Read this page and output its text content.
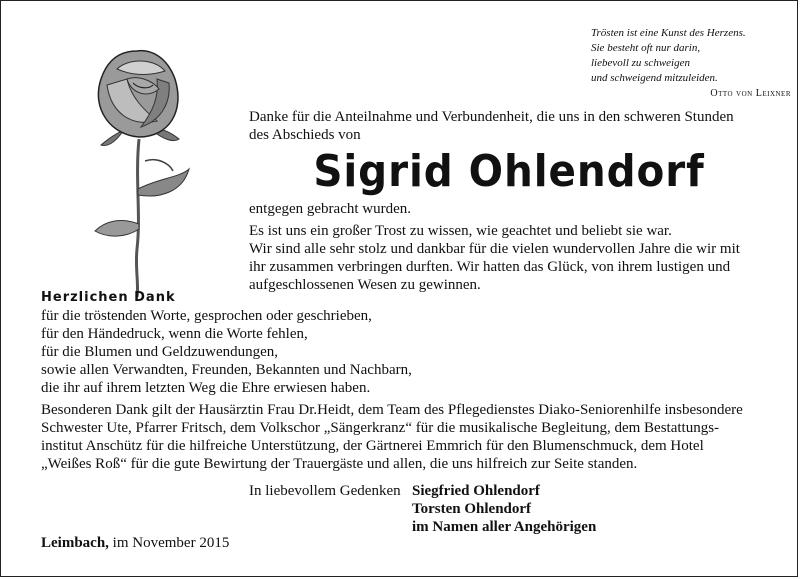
Trösten ist eine Kunst des Herzens.
Sie besteht oft nur darin,
liebevoll zu schweigen
und schweigend mitzuleiden.
Otto von Leixner
Danke für die Anteilnahme und Verbundenheit, die uns in den schweren Stunden
des Abschieds von
Sigrid Ohlendorf
entgegen gebracht wurden.
Es ist uns ein großer Trost zu wissen, wie geachtet und beliebt sie war.
Wir sind alle sehr stolz und dankbar für die vielen wundervollen Jahre die wir mit
ihr zusammen verbringen durften. Wir hatten das Glück, von ihrem lustigen und
aufgeschlossenen Wesen zu gewinnen.
Herzlichen Dank
für die tröstenden Worte, gesprochen oder geschrieben,
für den Händedruck, wenn die Worte fehlen,
für die Blumen und Geldzuwendungen,
sowie allen Verwandten, Freunden, Bekannten und Nachbarn,
die ihr auf ihrem letzten Weg die Ehre erwiesen haben.
Besonderen Dank gilt der Hausärztin Frau Dr.Heidt, dem Team des Pflegedienstes Diako-Seniorenhilfe insbesondere
Schwester Ute, Pfarrer Fritsch, dem Volkschor „Sängerkranz“ für die musikalische Begleitung, dem Bestattungs-
institut Anschütz für die hilfreiche Unterstützung, der Gärtnerei Emmrich für den Blumenschmuck, dem Hotel
„Weißes Roß“ für die gute Bewirtung der Trauergäste und allen, die uns hilfreich zur Seite standen.
In liebevollem Gedenken Siegfried Ohlendorf
Torsten Ohlendorf
im Namen aller Angehörigen
Leimbach, im November 2015
